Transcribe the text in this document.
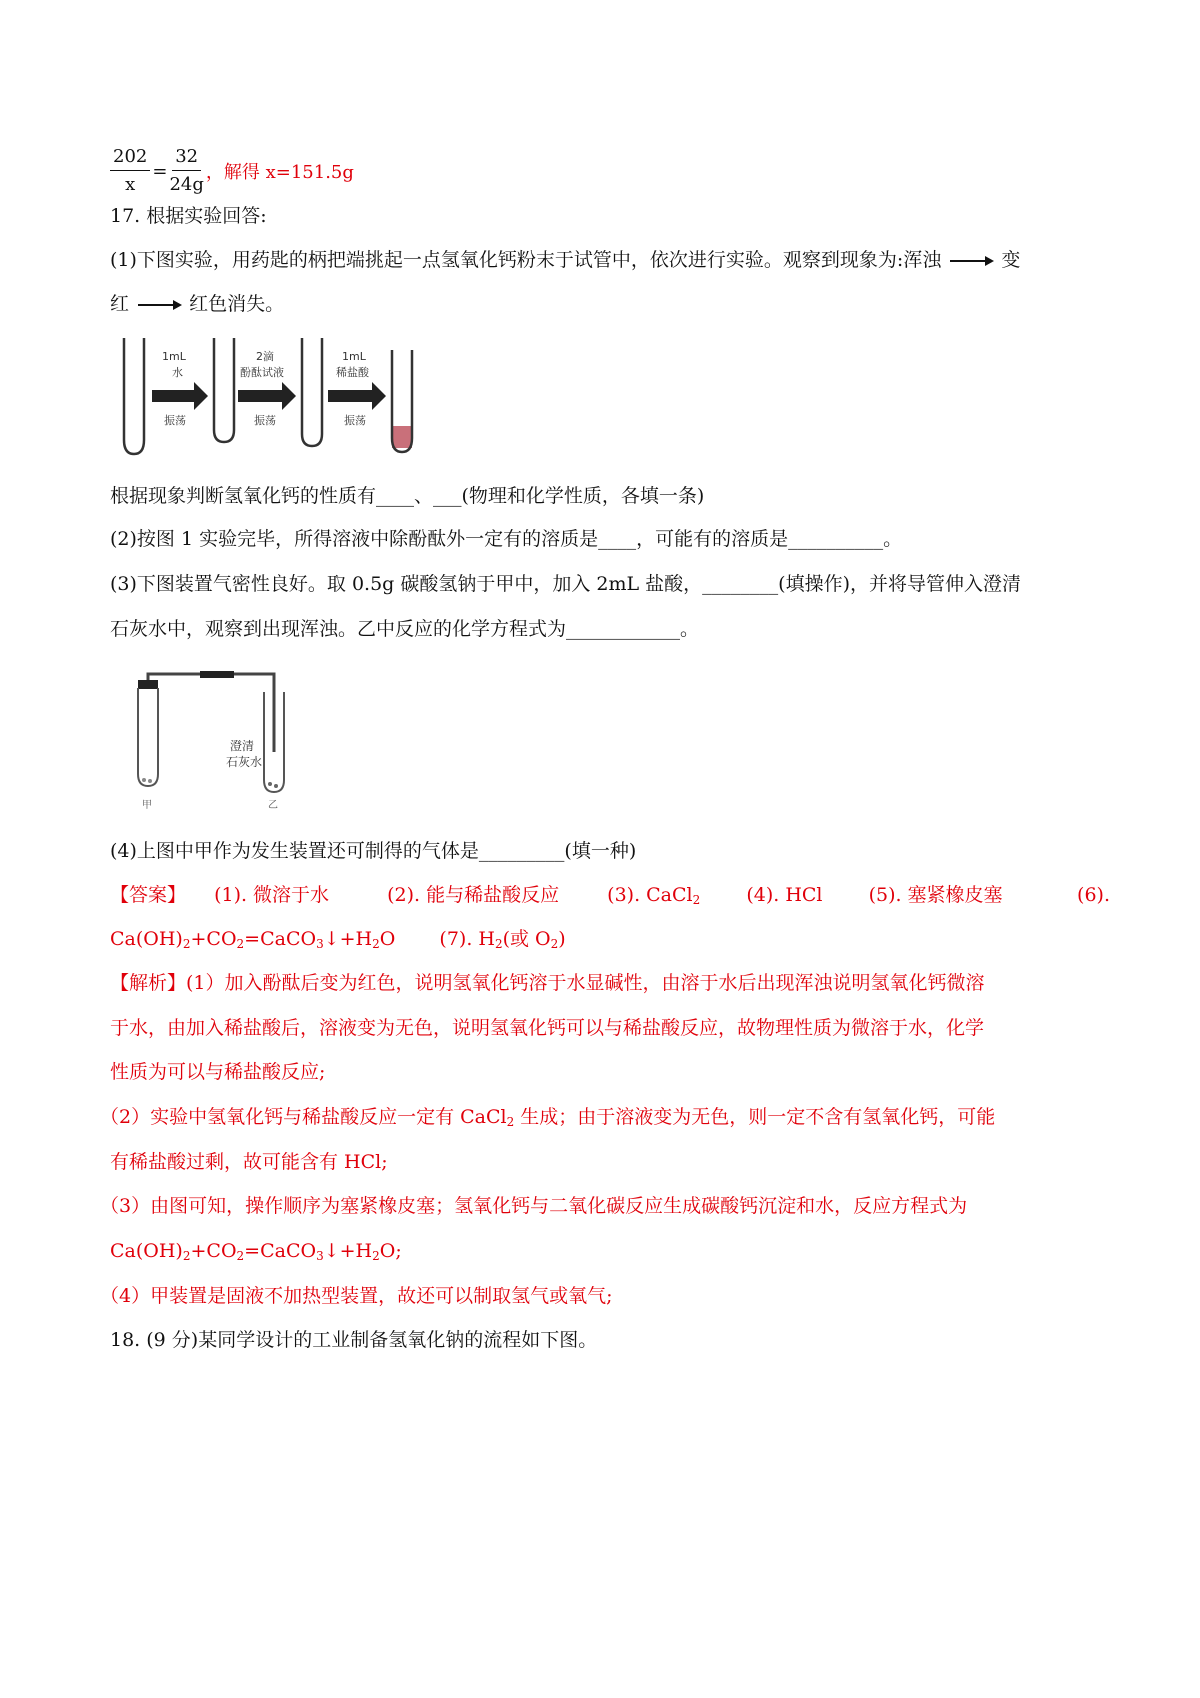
$\frac{202}{x} = \frac{32}{24g}$ ，解得 x=151.5g
17. 根据实验回答:
(1)下图实验，用药匙的柄把端挑起一点氢氧化钙粉末于试管中，依次进行实验。观察到现象为:浑浊	变
红	红色消失。
1mL
水
振荡
2滴
酚酞试液
振荡
1mL
稀盐酸
振荡
根据现象判断氢氧化钙的性质有____、___(物理和化学性质，各填一条)
(2)按图 1 实验完毕，所得溶液中除酚酞外一定有的溶质是____，可能有的溶质是__________。
(3)下图装置气密性良好。取 0.5g 碳酸氢钠于甲中，加入 2mL 盐酸，________(填操作)，并将导管伸入澄清
石灰水中，观察到出现浑浊。乙中反应的化学方程式为____________。
甲
澄清
石灰水
乙
(4)上图中甲作为发生装置还可制得的气体是_________(填一种)
【答案】 (1). 微溶于水	(2). 能与稀盐酸反应	(3). CaCl$_2$ (4). HCl (5). 塞紧橡皮塞	(6).
$Ca(OH)_2+CO_2=CaCO_3↓+H_2O$ (7). $H_2$(或 $O_2$)
【解析】(1）加入酚酞后变为红色，说明氢氧化钙溶于水显碱性，由溶于水后出现浑浊说明氢氧化钙微溶
于水，由加入稀盐酸后，溶液变为无色，说明氢氧化钙可以与稀盐酸反应，故物理性质为微溶于水，化学
性质为可以与稀盐酸反应;
（2）实验中氢氧化钙与稀盐酸反应一定有 CaCl$_2$ 生成；由于溶液变为无色，则一定不含有氢氧化钙，可能
有稀盐酸过剩，故可能含有 HCl;
（3）由图可知，操作顺序为塞紧橡皮塞；氢氧化钙与二氧化碳反应生成碳酸钙沉淀和水，反应方程式为
$Ca(OH)_2+CO_2=CaCO_3↓+H_2O$;
（4）甲装置是固液不加热型装置，故还可以制取氢气或氧气;
18. (9 分)某同学设计的工业制备氢氧化钠的流程如下图。
